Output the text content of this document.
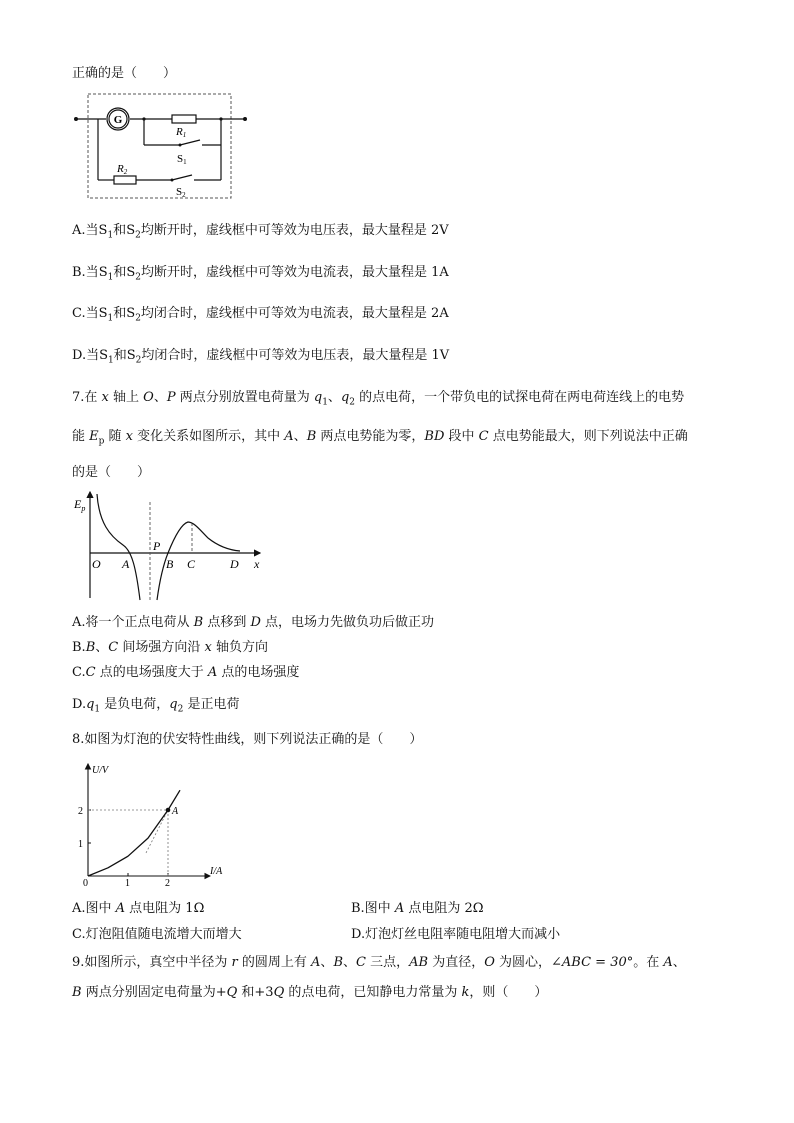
正确的是（　　）
G
R1
S1
R2
S2
A.当$S_1$和$S_2$均断开时，虚线框中可等效为电压表，最大量程是 2V
B.当$S_1$和$S_2$均断开时，虚线框中可等效为电流表，最大量程是 1A
C.当$S_1$和$S_2$均闭合时，虚线框中可等效为电流表，最大量程是 2A
D.当$S_1$和$S_2$均闭合时，虚线框中可等效为电压表，最大量程是 1V
7.在 x 轴上 O、P 两点分别放置电荷量为 $q_1$、$q_2$ 的点电荷，一个带负电的试探电荷在两电荷连线上的电势
能 $E_p$ 随 x 变化关系如图所示，其中 A、B 两点电势能为零，BD 段中 C 点电势能最大，则下列说法中正确
的是（　　）
$E_p$
x
O A
P
B C	D
A.将一个正点电荷从 B 点移到 D 点，电场力先做负功后做正功
B.B、C 间场强方向沿 x 轴负方向
C.C 点的电场强度大于 A 点的电场强度
$D.q_1$ 是负电荷，$q_2$ 是正电荷
8.如图为灯泡的伏安特性曲线，则下列说法正确的是（　　）
1
2
1	2
A
U/V
I/A
0
A.图中 A 点电阻为 1Ω	B.图中 A 点电阻为 2Ω
C.灯泡阻值随电流增大而增大	D.灯泡灯丝电阻率随电阻增大而减小
9.如图所示，真空中半径为 r 的圆周上有 A、B、C 三点，AB 为直径，O 为圆心，∠ABC = 30°。在 A、
B 两点分别固定电荷量为+Q 和+3Q 的点电荷，已知静电力常量为 k，则（　　）
